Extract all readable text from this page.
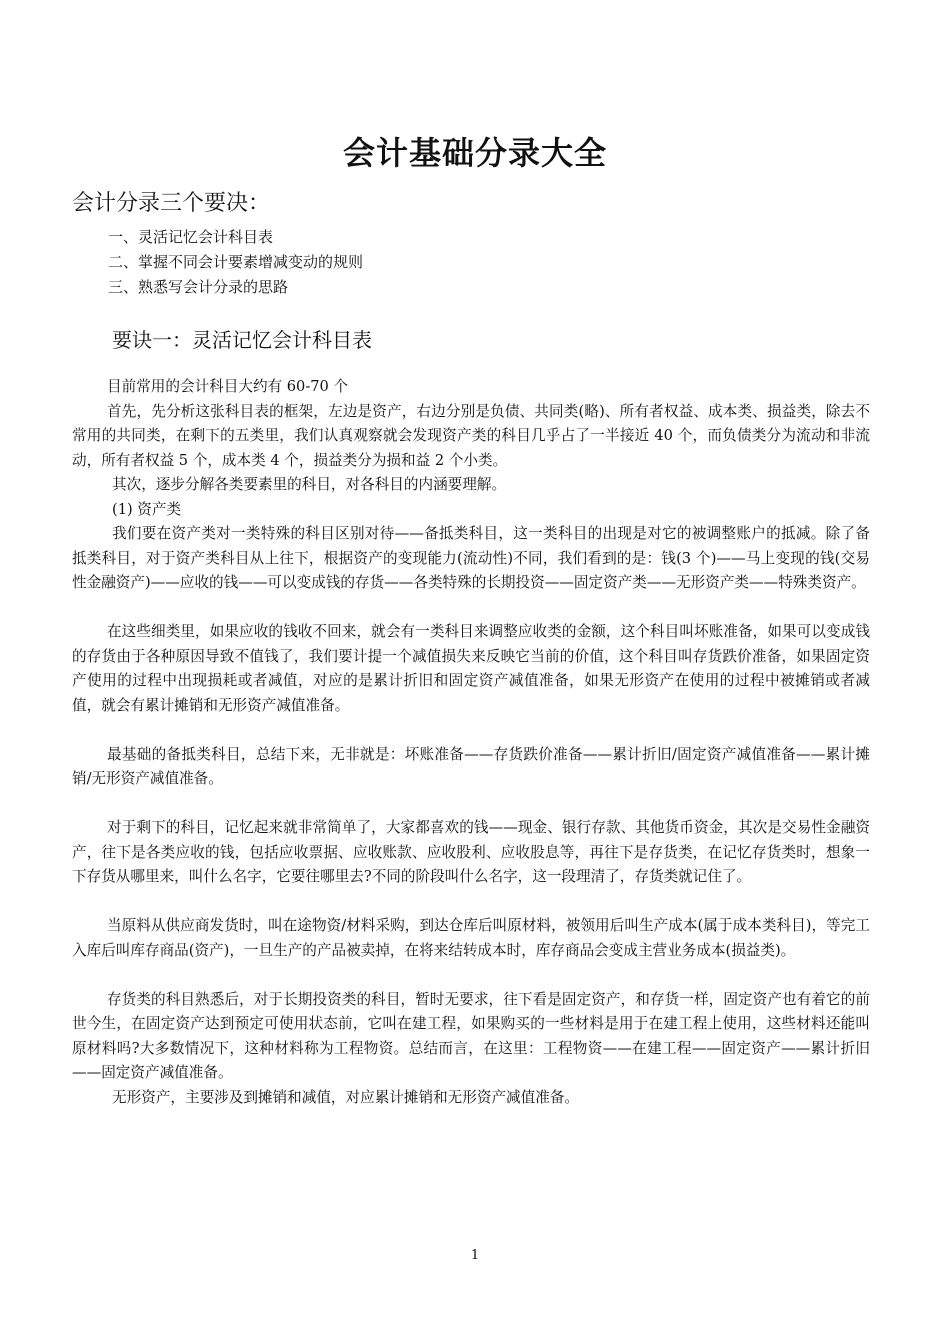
会计基础分录大全
会计分录三个要决：
一、灵活记忆会计科目表
二、掌握不同会计要素增减变动的规则
三、熟悉写会计分录的思路
要诀一：灵活记忆会计科目表

目前常用的会计科目大约有 60-70 个

首先，先分析这张科目表的框架，左边是资产，右边分别是负债、共同类(略)、所有者权益、成本类、损益类，除去不常用的共同类，在剩下的五类里，我们认真观察就会发现资产类的科目几乎占了一半接近 40 个，而负债类分为流动和非流动，所有者权益 5 个，成本类 4 个，损益类分为损和益 2 个小类。

其次，逐步分解各类要素里的科目，对各科目的内涵要理解。

(1) 资产类

我们要在资产类对一类特殊的科目区别对待——备抵类科目，这一类科目的出现是对它的被调整账户的抵减。除了备抵类科目，对于资产类科目从上往下，根据资产的变现能力(流动性)不同，我们看到的是：钱(3 个)——马上变现的钱(交易性金融资产)——应收的钱——可以变成钱的存货——各类特殊的长期投资——固定资产类——无形资产类——特殊类资产。

在这些细类里，如果应收的钱收不回来，就会有一类科目来调整应收类的金额，这个科目叫坏账准备，如果可以变成钱的存货由于各种原因导致不值钱了，我们要计提一个减值损失来反映它当前的价值，这个科目叫存货跌价准备，如果固定资产使用的过程中出现损耗或者减值，对应的是累计折旧和固定资产减值准备，如果无形资产在使用的过程中被摊销或者减值，就会有累计摊销和无形资产减值准备。

最基础的备抵类科目，总结下来，无非就是：坏账准备——存货跌价准备——累计折旧/固定资产减值准备——累计摊销/无形资产减值准备。

对于剩下的科目，记忆起来就非常简单了，大家都喜欢的钱——现金、银行存款、其他货币资金，其次是交易性金融资产，往下是各类应收的钱，包括应收票据、应收账款、应收股利、应收股息等，再往下是存货类，在记忆存货类时，想象一下存货从哪里来，叫什么名字，它要往哪里去?不同的阶段叫什么名字，这一段理清了，存货类就记住了。

当原料从供应商发货时，叫在途物资/材料采购，到达仓库后叫原材料，被领用后叫生产成本(属于成本类科目)，等完工入库后叫库存商品(资产)，一旦生产的产品被卖掉，在将来结转成本时，库存商品会变成主营业务成本(损益类)。

存货类的科目熟悉后，对于长期投资类的科目，暂时无要求，往下看是固定资产，和存货一样，固定资产也有着它的前世今生，在固定资产达到预定可使用状态前，它叫在建工程，如果购买的一些材料是用于在建工程上使用，这些材料还能叫原材料吗?大多数情况下，这种材料称为工程物资。总结而言，在这里：工程物资——在建工程——固定资产——累计折旧——固定资产减值准备。

无形资产，主要涉及到摊销和减值，对应累计摊销和无形资产减值准备。

1
